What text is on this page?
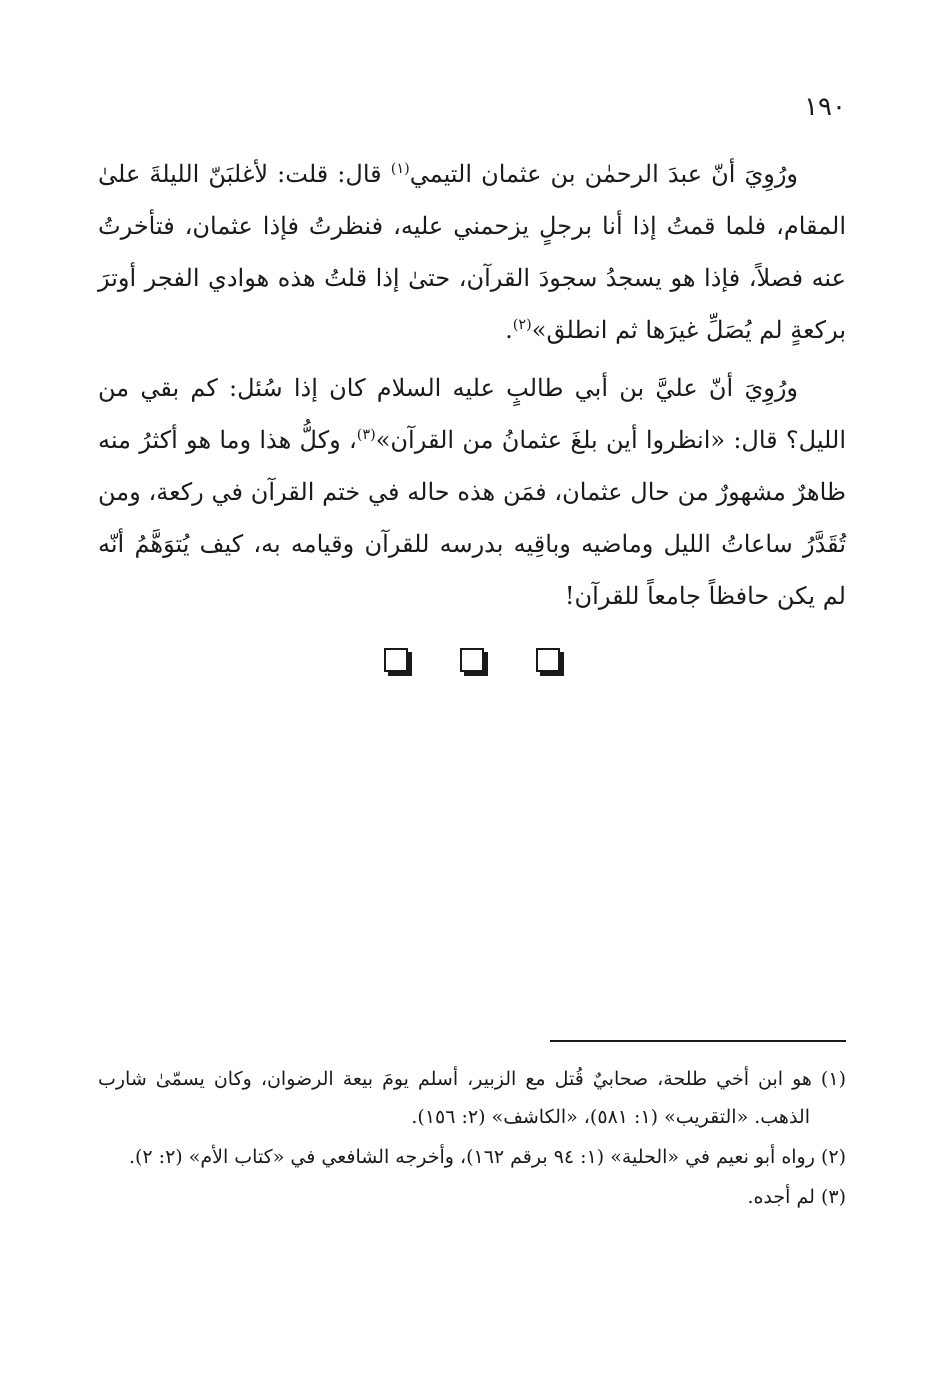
١٩٠

ورُوِيَ أنّ عبدَ الرحمٰن بن عثمان التيمي$^{(١)}$ قال: قلت: لأغلبَنّ الليلةَ علىٰ المقام، فلما قمتُ إذا أنا برجلٍ يزحمني عليه، فنظرتُ فإذا عثمان، فتأخرتُ عنه فصلاً، فإذا هو يسجدُ سجودَ القرآن، حتىٰ إذا قلتُ هذه هوادي الفجر أوترَ بركعةٍ لم يُصَلِّ غيرَها ثم انطلق»$^{(٢)}$.

ورُوِيَ أنّ عليَّ بن أبي طالبٍ عليه السلام كان إذا سُئل: كم بقي من الليل؟ قال: «انظروا أين بلغَ عثمانُ من القرآن»$^{(٣)}$، وكلُّ هذا وما هو أكثرُ منه ظاهرٌ مشهورٌ من حال عثمان، فمَن هذه حاله في ختم القرآن في ركعة، ومن تُقَدَّرُ ساعاتُ الليل وماضيه وباقِيه بدرسه للقرآن وقيامه به، كيف يُتوَهَّمُ أنّه لم يكن حافظاً جامعاً للقرآن!

(١) هو ابن أخي طلحة، صحابيٌ قُتل مع الزبير، أسلم يومَ بيعة الرضوان، وكان يسمّىٰ شارب الذهب. «التقريب» (١: ٥٨١)، «الكاشف» (٢: ١٥٦).

(٢) رواه أبو نعيم في «الحلية» (١: ٩٤ برقم ١٦٢)، وأخرجه الشافعي في «كتاب الأم» (٢: ٢).

(٣) لم أجده.
